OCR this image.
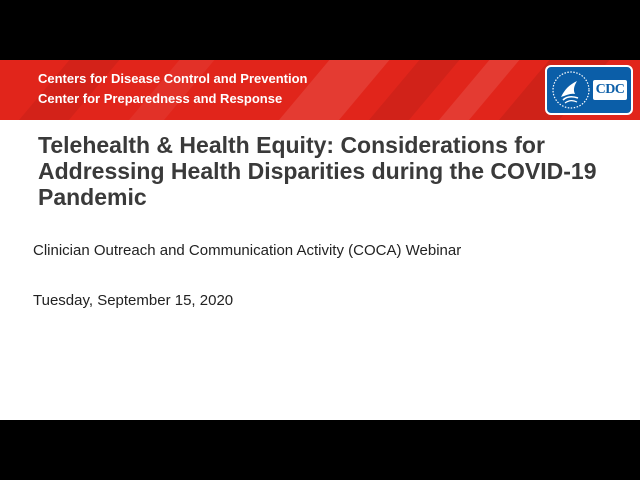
Centers for Disease Control and Prevention
Center for Preparedness and Response
CDC
Telehealth & Health Equity: Considerations for Addressing Health Disparities during the COVID-19 Pandemic
Clinician Outreach and Communication Activity (COCA) Webinar
Tuesday, September 15, 2020
